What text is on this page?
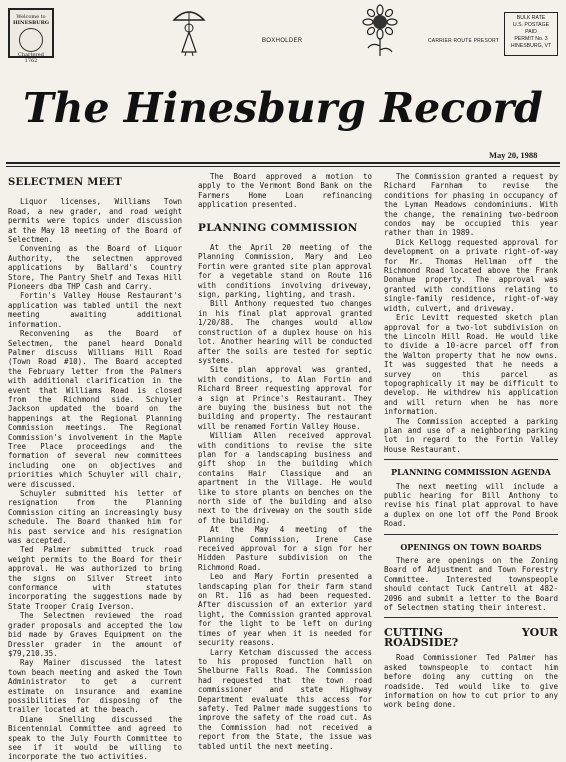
Welcome to
HINESBURG
Chartered
1762
BOXHOLDER	CARRIER ROUTE PRESORT
BULK RATE
U.S. POSTAGE
PAID
PERMIT No. 3
HINESBURG, VT
The Hinesburg Record
May 20, 1988
SELECTMEN MEET

Liquor licenses, Williams Town Road, a new grader, and road weight permits were topics under discussion at the May 18 meeting of the Board of Selectmen.

Convening as the Board of Liquor Authority, the selectmen approved applications by Ballard's Country Store, The Pantry Shelf and Texas Hill Pioneers dba THP Cash and Carry.

Fortin's Valley House Restaurant's application was tabled until the next meeting awaiting additional information.

Reconvening as the Board of Selectmen, the panel heard Donald Palmer discuss Williams Hill Road (Town Road #10). The Board accepted the February letter from the Palmers with additional clarification in the event that Williams Road is closed from the Richmond side. Schuyler Jackson updated the board on the happenings at the Regional Planning Commission meetings. The Regional Commission's involvement in the Maple Tree Place proceedings and the formation of several new committees including one on objectives and priorities which Schuyler will chair, were discussed.

Schuyler submitted his letter of resignation from the Planning Commission citing an increasingly busy schedule. The Board thanked him for his past service and his resignation was accepted.

Ted Palmer submitted truck road weight permits to the Board for their approval. He was authorized to bring the signs on Silver Street into conformance with statutes incorporating the suggestions made by State Trooper Craig Iverson.

The Selectmen reviewed the road grader proposals and accepted the low bid made by Graves Equipment on the Dressler grader in the amount of $79,210.35.

Ray Mainer discussed the latest town beach meeting and asked the Town Administrator to get a current estimate on insurance and examine possibilities for disposing of the trailer located at the beach.

Diane Snelling discussed the Bicentennial Committee and agreed to speak to the July Fourth Committee to see if it would be willing to incorporate the two activities.

The Board approved a motion to apply to the Vermont Bond Bank on the Farmers Home Loan refinancing application presented.

PLANNING COMMISSION

At the April 20 meeting of the Planning Commission, Mary and Leo Fortin were granted site plan approval for a vegetable stand on Route 116 with conditions involving driveway, sign, parking, lighting, and trash.

Bill Anthony requested two changes in his final plat approval granted 1/20/88. The changes would allow construction of a duplex house on his lot. Another hearing will be conducted after the soils are tested for septic systems.

Site plan approval was granted, with conditions, to Alan Fortin and Richard Breer requesting approval for a sign at Prince's Restaurant. They are buying the business but not the building and property. The restaurant will be renamed Fortin Valley House.

William Allen received approval with conditions to revise the site plan for a landscaping business and gift shop in the building which contains Hair Classique and an apartment in the Village. He would like to store plants on benches on the north side of the building and also next to the driveway on the south side of the building.

At the May 4 meeting of the Planning Commission, Irene Case received approval for a sign for her Hidden Pasture subdivision on the Richmond Road.

Leo and Mary Fortin presented a landscaping plan for their farm stand on Rt. 116 as had been requested. After discussion of an exterior yard light, the Commission granted approval for the light to be left on during times of year when it is needed for security reasons.

Larry Ketcham discussed the access to his proposed function hall on Shelburne Falls Road. The Commission had requested that the town road commissioner and state Highway Department evaluate this access for safety. Ted Palmer made suggestions to improve the safety of the road cut. As the Commission had not received a report from the State, the issue was tabled until the next meeting.

The Commission granted a request by Richard Farnham to revise the conditions for phasing in occupancy of the Lyman Meadows condominiums. With the change, the remaining two-bedroom condos may be occupied this year rather than in 1989.

Dick Kellogg requested approval for development on a private right-of-way for Mr. Thomas Hellman off the Richmond Road located above the Frank Donahue property. The approval was granted with conditions relating to single-family residence, right-of-way width, culvert, and driveway.

Eric Levitt requested sketch plan approval for a two-lot subdivision on the Lincoln Hill Road. He would like to divide a 10-acre parcel off from the Walton property that he now owns. It was suggested that he needs a survey on this parcel as topographically it may be difficult to develop. He withdrew his application and will return when he has more information.

The Commission accepted a parking plan and use of a neighboring parking lot in regard to the Fortin Valley House Restaurant.

PLANNING COMMISSION AGENDA

The next meeting will include a public hearing for Bill Anthony to revise his final plat approval to have a duplex on one lot off the Pond Brook Road.

OPENINGS ON TOWN BOARDS

There are openings on the Zoning Board of Adjustment and Town Forestry Committee. Interested townspeople should contact Tuck Cantrell at 482-2096 and submit a letter to the Board of Selectmen stating their interest.

CUTTING YOUR ROADSIDE?

Road Commissioner Ted Palmer has asked townspeople to contact him before doing any cutting on the roadside. Ted would like to give information on how to cut prior to any work being done.
